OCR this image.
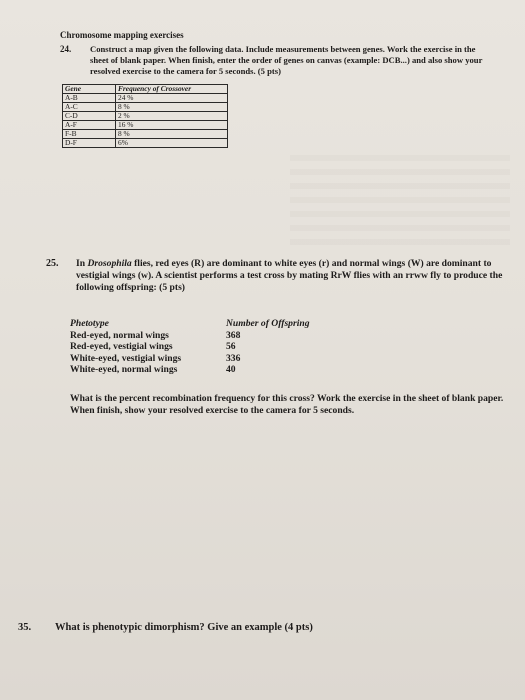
Chromosome mapping exercises
24. Construct a map given the following data. Include measurements between genes. Work the exercise in the sheet of blank paper. When finish, enter the order of genes on canvas (example: DCB...) and also show your resolved exercise to the camera for 5 seconds. (5 pts)
Gene	Frequency of Crossover
A-B	24 %
A-C	8 %
C-D	2 %
A-F	16 %
F-B	8 %
D-F	6%
25. In Drosophila flies, red eyes (R) are dominant to white eyes (r) and normal wings (W) are dominant to vestigial wings (w). A scientist performs a test cross by mating RrW flies with an rrww fly to produce the following offspring: (5 pts)
Phetotype	Number of Offspring
Red-eyed, normal wings	368
Red-eyed, vestigial wings	56
White-eyed, vestigial wings	336
White-eyed, normal wings	40
What is the percent recombination frequency for this cross? Work the exercise in the sheet of blank paper. When finish, show your resolved exercise to the camera for 5 seconds.
35. What is phenotypic dimorphism? Give an example (4 pts)
